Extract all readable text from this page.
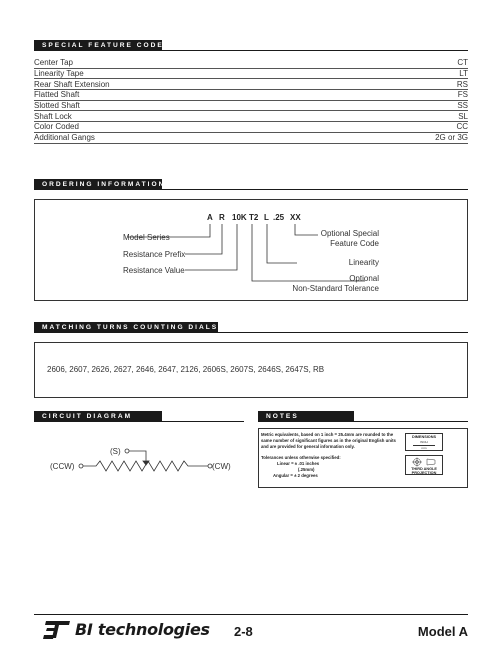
SPECIAL FEATURE CODES
Center Tap	CT
Linearity Tape	LT
Rear Shaft Extension	RS
Flatted Shaft	FS
Slotted Shaft	SS
Shaft Lock	SL
Color Coded	CC
Additional Gangs	2G or 3G
ORDERING INFORMATION
A R 10K T2 L .25 XX
Model Series
Resistance Prefix
Resistance Value
Optional Special
Feature Code
Linearity
Optional
Non-Standard Tolerance
MATCHING TURNS COUNTING DIALS
2606, 2607, 2626, 2627, 2646, 2647, 2126, 2606S, 2607S, 2646S, 2647S, RB
CIRCUIT DIAGRAM
(S)
(CCW)	(CW)
NOTES
Metric equivalents, based on 1 inch = 25.4mm are rounded to the
same number of significant figures as in the original English units
and are provided for general information only.
Tolerances unless otherwise specified:
Linear = ± .01 inches
(.25mm)
Angular = ± 2 degrees
DIMENSIONS
INCH
mm
THIRD ANGLE
PROJECTION
BI technologies 2-8	Model A
